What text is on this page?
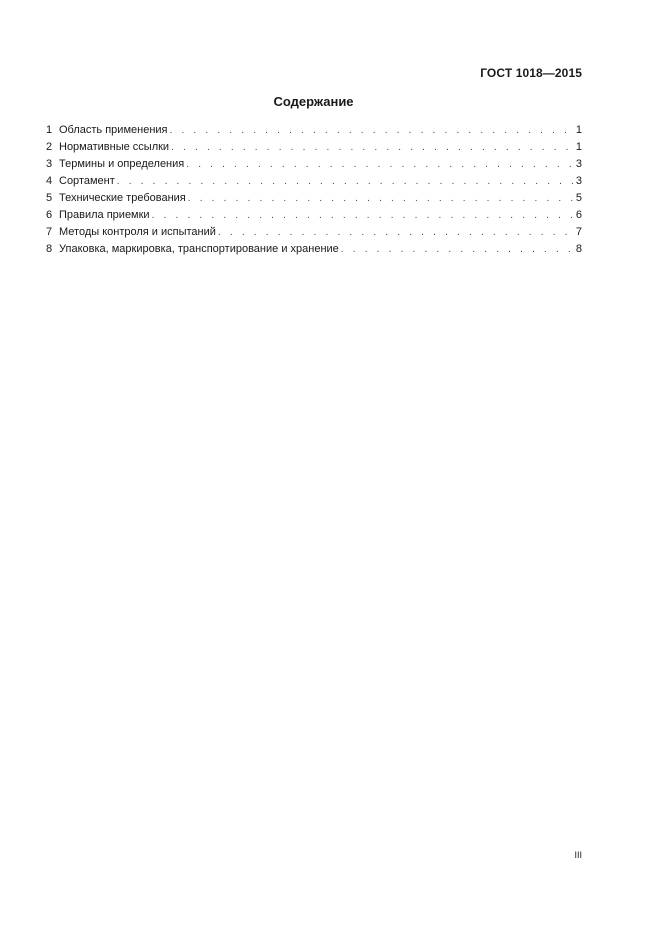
ГОСТ 1018—2015
Содержание
1 Область применения . . .	1
2 Нормативные ссылки . . .	1
3 Термины и определения . . .	3
4 Сортамент . . .	3
5 Технические требования . . .	5
6 Правила приемки . . .	6
7 Методы контроля и испытаний . . .	7
8 Упаковка, маркировка, транспортирование и хранение . . .	8
III
